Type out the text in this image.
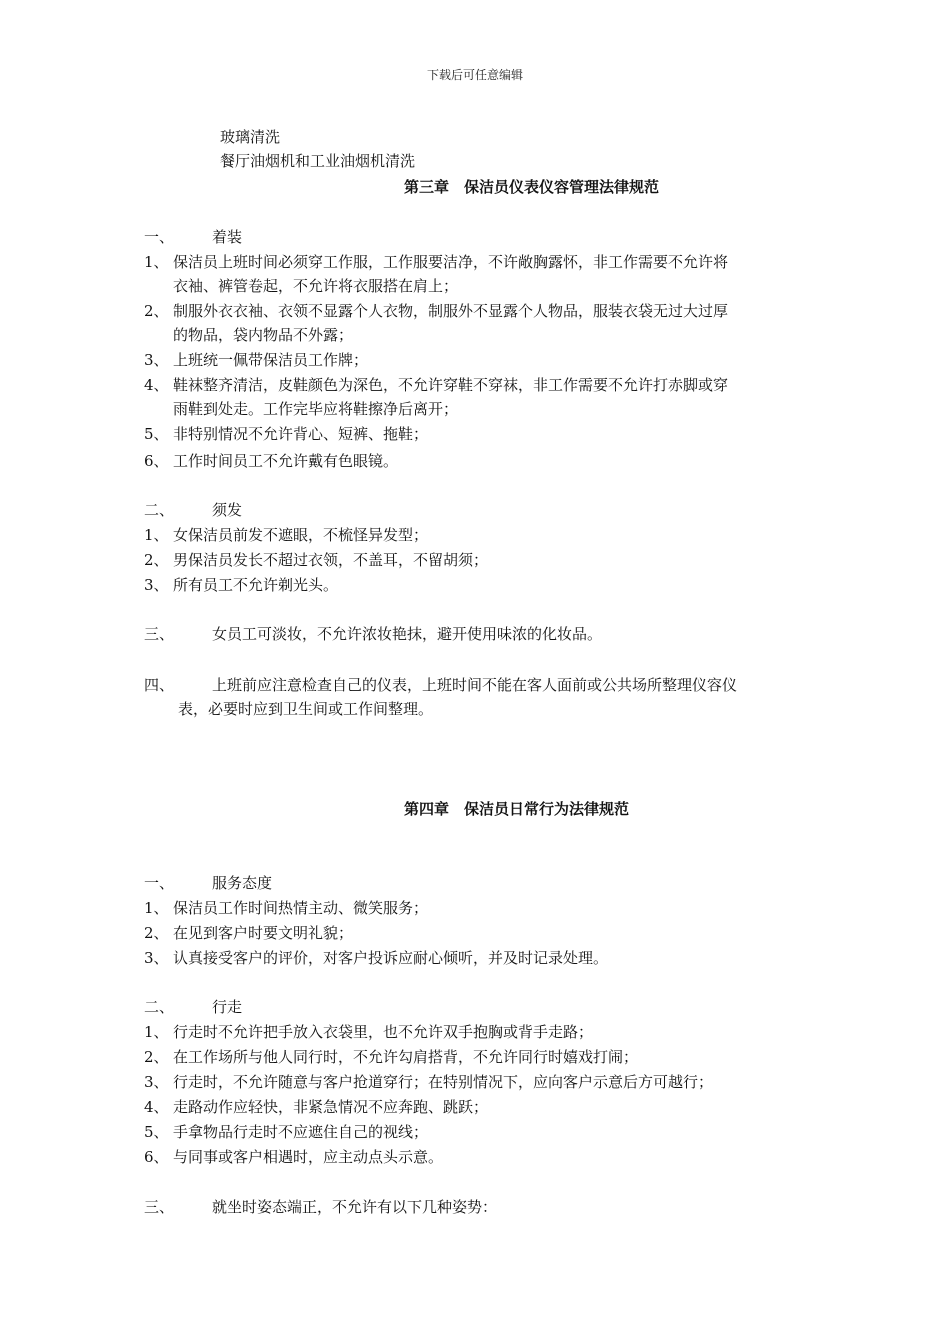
下载后可任意编辑
玻璃清洗
餐厅油烟机和工业油烟机清洗
第三章　保洁员仪表仪容管理法律规范
一、	着装
1、 保洁员上班时间必须穿工作服，工作服要洁净，不许敞胸露怀，非工作需要不允许将
衣袖、裤管卷起，不允许将衣服搭在肩上；
2、 制服外衣衣袖、衣领不显露个人衣物，制服外不显露个人物品，服装衣袋无过大过厚
的物品，袋内物品不外露；
3、 上班统一佩带保洁员工作牌；
4、 鞋袜整齐清洁，皮鞋颜色为深色，不允许穿鞋不穿袜，非工作需要不允许打赤脚或穿
雨鞋到处走。工作完毕应将鞋擦净后离开；
5、 非特别情况不允许背心、短裤、拖鞋；
6、 工作时间员工不允许戴有色眼镜。
二、	须发
1、 女保洁员前发不遮眼，不梳怪异发型；
2、 男保洁员发长不超过衣领，不盖耳，不留胡须；
3、 所有员工不允许剃光头。
三、	女员工可淡妆，不允许浓妆艳抹，避开使用味浓的化妆品。
四、	上班前应注意检查自己的仪表，上班时间不能在客人面前或公共场所整理仪容仪
表，必要时应到卫生间或工作间整理。
第四章　保洁员日常行为法律规范
一、	服务态度
1、 保洁员工作时间热情主动、微笑服务；
2、 在见到客户时要文明礼貌；
3、 认真接受客户的评价，对客户投诉应耐心倾听，并及时记录处理。
二、	行走
1、 行走时不允许把手放入衣袋里，也不允许双手抱胸或背手走路；
2、 在工作场所与他人同行时，不允许勾肩搭背，不允许同行时嬉戏打闹；
3、 行走时，不允许随意与客户抢道穿行；在特别情况下，应向客户示意后方可越行；
4、 走路动作应轻快，非紧急情况不应奔跑、跳跃；
5、 手拿物品行走时不应遮住自己的视线；
6、 与同事或客户相遇时，应主动点头示意。
三、	就坐时姿态端正，不允许有以下几种姿势：
